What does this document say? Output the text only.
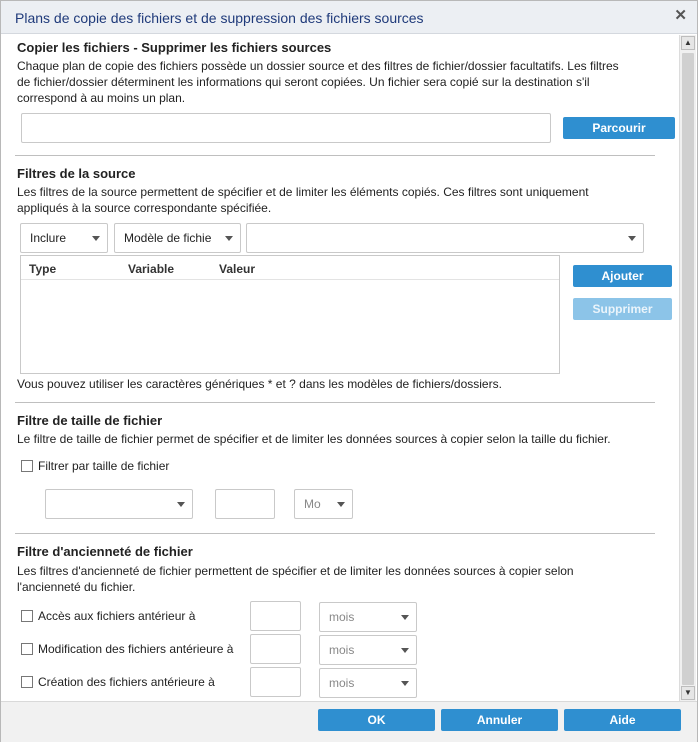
Plans de copie des fichiers et de suppression des fichiers sources	✕
Copier les fichiers - Supprimer les fichiers sources
Chaque plan de copie des fichiers possède un dossier source et des filtres de fichier/dossier facultatifs. Les filtres
de fichier/dossier déterminent les informations qui seront copiées. Un fichier sera copié sur la destination s'il
correspond à au moins un plan.
Parcourir
Filtres de la source
Les filtres de la source permettent de spécifier et de limiter les éléments copiés. Ces filtres sont uniquement
appliqués à la source correspondante spécifiée.
Inclure	Modèle de fichie
Type	Variable	Valeur	Ajouter
Supprimer
Vous pouvez utiliser les caractères génériques * et ? dans les modèles de fichiers/dossiers.
Filtre de taille de fichier
Le filtre de taille de fichier permet de spécifier et de limiter les données sources à copier selon la taille du fichier.
Filtrer par taille de fichier
Mo
Filtre d'ancienneté de fichier
Les filtres d'ancienneté de fichier permettent de spécifier et de limiter les données sources à copier selon
l'ancienneté du fichier.
Accès aux fichiers antérieur à	mois
Modification des fichiers antérieure à	mois
Création des fichiers antérieure à	mois
▲
▼
OK	Annuler	Aide
